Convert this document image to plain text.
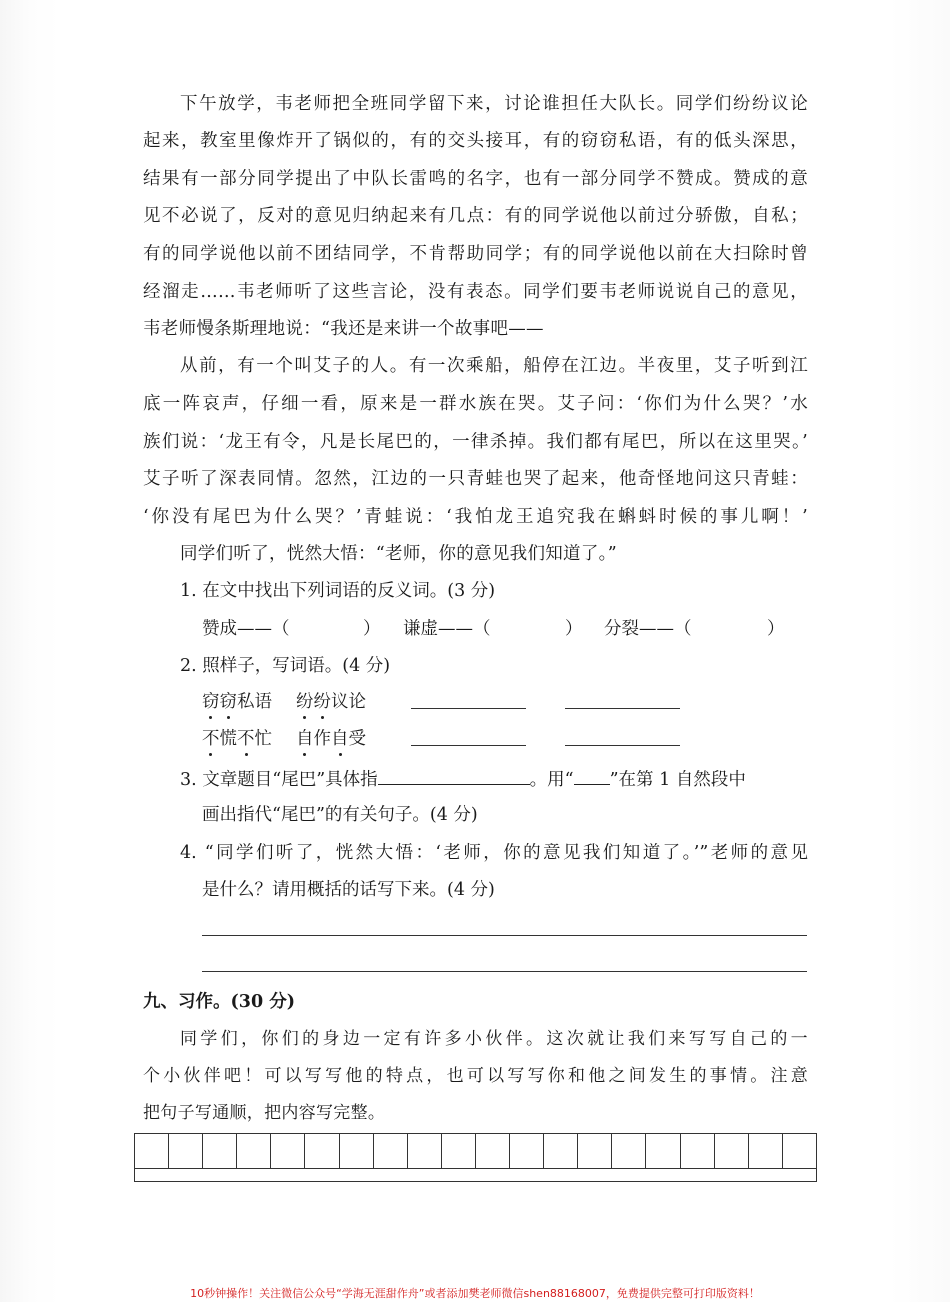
下午放学，韦老师把全班同学留下来，讨论谁担任大队长。同学们纷纷议论
起来，教室里像炸开了锅似的，有的交头接耳，有的窃窃私语，有的低头深思，
结果有一部分同学提出了中队长雷鸣的名字，也有一部分同学不赞成。赞成的意
见不必说了，反对的意见归纳起来有几点：有的同学说他以前过分骄傲，自私；
有的同学说他以前不团结同学，不肯帮助同学；有的同学说他以前在大扫除时曾
经溜走……韦老师听了这些言论，没有表态。同学们要韦老师说说自己的意见，
韦老师慢条斯理地说：“我还是来讲一个故事吧——
从前，有一个叫艾子的人。有一次乘船，船停在江边。半夜里，艾子听到江
底一阵哀声，仔细一看，原来是一群水族在哭。艾子问：‘你们为什么哭？’水
族们说：‘龙王有令，凡是长尾巴的，一律杀掉。我们都有尾巴，所以在这里哭。’
艾子听了深表同情。忽然，江边的一只青蛙也哭了起来，他奇怪地问这只青蛙：
‘你没有尾巴为什么哭？’青蛙说：‘我怕龙王追究我在蝌蚪时候的事儿啊！’
同学们听了，恍然大悟：“老师，你的意见我们知道了。”
1. 在文中找出下列词语的反义词。(3 分)
赞成——（	） 谦虚——（	） 分裂——（	）
2. 照样子，写词语。(4 分)
窃窃私语 纷纷议论
不慌不忙 自作自受
3. 文章题目“尾巴”具体指	。用“ ”在第 1 自然段中
画出指代“尾巴”的有关句子。(4 分)
4. “同学们听了，恍然大悟：‘老师，你的意见我们知道了。’”老师的意见
是什么？请用概括的话写下来。(4 分)
九、习作。(30 分)
同学们，你们的身边一定有许多小伙伴。这次就让我们来写写自己的一
个小伙伴吧！可以写写他的特点，也可以写写你和他之间发生的事情。注意
把句子写通顺，把内容写完整。
10秒钟操作！关注微信公众号“学海无涯甜作舟”或者添加樊老师微信shen88168007，免费提供完整可打印版资料！
